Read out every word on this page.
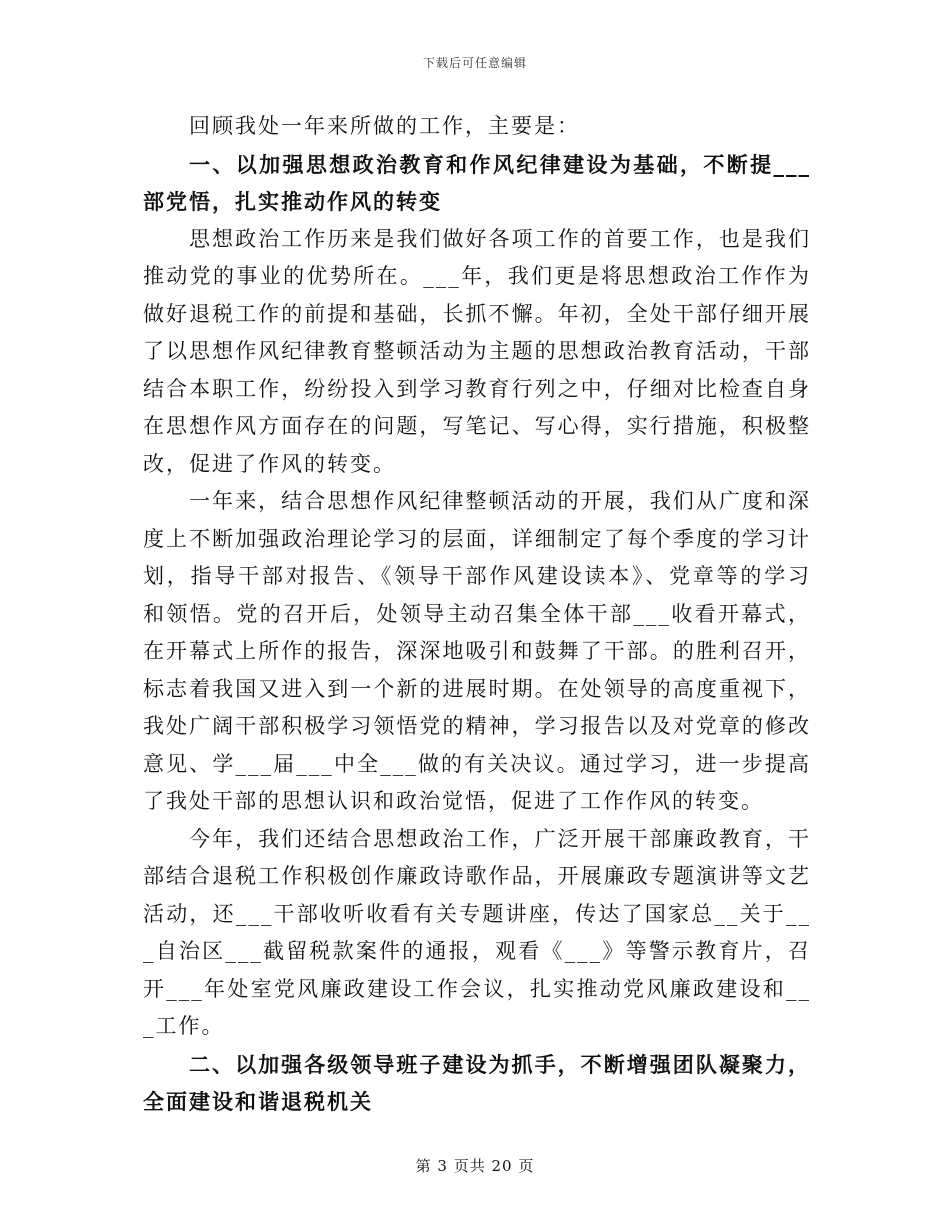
下载后可任意编辑

回顾我处一年来所做的工作，主要是：

一、以加强思想政治教育和作风纪律建设为基础，不断提___部党悟，扎实推动作风的转变

思想政治工作历来是我们做好各项工作的首要工作，也是我们推动党的事业的优势所在。___年，我们更是将思想政治工作作为做好退税工作的前提和基础，长抓不懈。年初，全处干部仔细开展了以思想作风纪律教育整顿活动为主题的思想政治教育活动，干部结合本职工作，纷纷投入到学习教育行列之中，仔细对比检查自身在思想作风方面存在的问题，写笔记、写心得，实行措施，积极整改，促进了作风的转变。

一年来，结合思想作风纪律整顿活动的开展，我们从广度和深度上不断加强政治理论学习的层面，详细制定了每个季度的学习计划，指导干部对报告、《领导干部作风建设读本》、党章等的学习和领悟。党的召开后，处领导主动召集全体干部___收看开幕式，在开幕式上所作的报告，深深地吸引和鼓舞了干部。的胜利召开，标志着我国又进入到一个新的进展时期。在处领导的高度重视下，我处广阔干部积极学习领悟党的精神，学习报告以及对党章的修改意见、学___届___中全___做的有关决议。通过学习，进一步提高了我处干部的思想认识和政治觉悟，促进了工作作风的转变。

今年，我们还结合思想政治工作，广泛开展干部廉政教育，干部结合退税工作积极创作廉政诗歌作品，开展廉政专题演讲等文艺活动，还___干部收听收看有关专题讲座，传达了国家总__关于___自治区___截留税款案件的通报，观看《___》等警示教育片，召开___年处室党风廉政建设工作会议，扎实推动党风廉政建设和___工作。

二、以加强各级领导班子建设为抓手，不断增强团队凝聚力，全面建设和谐退税机关

第 3 页共 20 页
